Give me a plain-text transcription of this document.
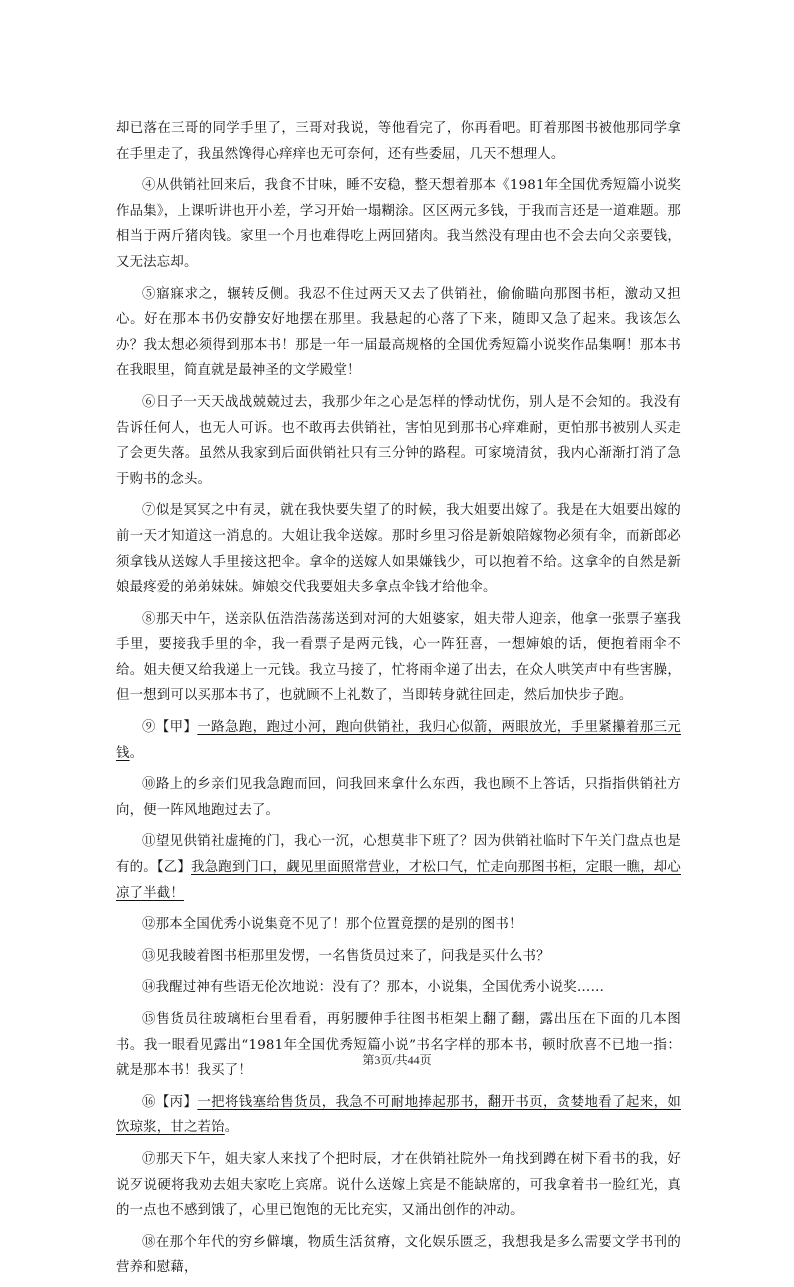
却已落在三哥的同学手里了，三哥对我说，等他看完了，你再看吧。盯着那图书被他那同学拿在手里走了，我虽然馋得心痒痒也无可奈何，还有些委屈，几天不想理人。

④从供销社回来后，我食不甘味，睡不安稳，整天想着那本《1981年全国优秀短篇小说奖作品集》，上课听讲也开小差，学习开始一塌糊涂。区区两元多钱，于我而言还是一道难题。那相当于两斤猪肉钱。家里一个月也难得吃上两回猪肉。我当然没有理由也不会去向父亲要钱，又无法忘却。

⑤寤寐求之，辗转反侧。我忍不住过两天又去了供销社，偷偷瞄向那图书柜，激动又担心。好在那本书仍安静安好地摆在那里。我悬起的心落了下来，随即又急了起来。我该怎么办？我太想必须得到那本书！那是一年一届最高规格的全国优秀短篇小说奖作品集啊！那本书在我眼里，简直就是最神圣的文学殿堂！

⑥日子一天天战战兢兢过去，我那少年之心是怎样的悸动忧伤，别人是不会知的。我没有告诉任何人，也无人可诉。也不敢再去供销社，害怕见到那书心痒难耐，更怕那书被别人买走了会更失落。虽然从我家到后面供销社只有三分钟的路程。可家境清贫，我内心渐渐打消了急于购书的念头。

⑦似是冥冥之中有灵，就在我快要失望了的时候，我大姐要出嫁了。我是在大姐要出嫁的前一天才知道这一消息的。大姐让我伞送嫁。那时乡里习俗是新娘陪嫁物必须有伞，而新郎必须拿钱从送嫁人手里接这把伞。拿伞的送嫁人如果嫌钱少，可以抱着不给。这拿伞的自然是新娘最疼爱的弟弟妹妹。婶娘交代我要姐夫多拿点伞钱才给他伞。

⑧那天中午，送亲队伍浩浩荡荡送到对河的大姐婆家，姐夫带人迎亲，他拿一张票子塞我手里，要接我手里的伞，我一看票子是两元钱，心一阵狂喜，一想婶娘的话，便抱着雨伞不给。姐夫便又给我递上一元钱。我立马接了，忙将雨伞递了出去，在众人哄笑声中有些害臊，但一想到可以买那本书了，也就顾不上礼数了，当即转身就往回走，然后加快步子跑。

⑨【甲】一路急跑，跑过小河，跑向供销社，我归心似箭，两眼放光，手里紧攥着那三元钱。

⑩路上的乡亲们见我急跑而回，问我回来拿什么东西，我也顾不上答话，只指指供销社方向，便一阵风地跑过去了。

⑪望见供销社虚掩的门，我心一沉，心想莫非下班了？因为供销社临时下午关门盘点也是有的。【乙】我急跑到门口，觑见里面照常营业，才松口气，忙走向那图书柜，定眼一瞧，却心凉了半截！

⑫那本全国优秀小说集竟不见了！那个位置竟摆的是别的图书！

⑬见我睖着图书柜那里发愣，一名售货员过来了，问我是买什么书？

⑭我醒过神有些语无伦次地说：没有了？那本，小说集，全国优秀小说奖……

⑮售货员往玻璃柜台里看看，再躬腰伸手往图书柜架上翻了翻，露出压在下面的几本图书。我一眼看见露出“1981年全国优秀短篇小说”书名字样的那本书，顿时欣喜不已地一指：就是那本书！我买了！

⑯【丙】一把将钱塞给售货员，我急不可耐地捧起那书，翻开书页，贪婪地看了起来，如饮琼浆，甘之若饴。

⑰那天下午，姐夫家人来找了个把时辰，才在供销社院外一角找到蹲在树下看书的我，好说歹说硬将我劝去姐夫家吃上宾席。说什么送嫁上宾是不能缺席的，可我拿着书一脸红光，真的一点也不感到饿了，心里已饱饱的无比充实，又涌出创作的冲动。

⑱在那个年代的穷乡僻壤，物质生活贫瘠，文化娱乐匮乏，我想我是多么需要文学书刊的营养和慰藉，

第3页/共44页
